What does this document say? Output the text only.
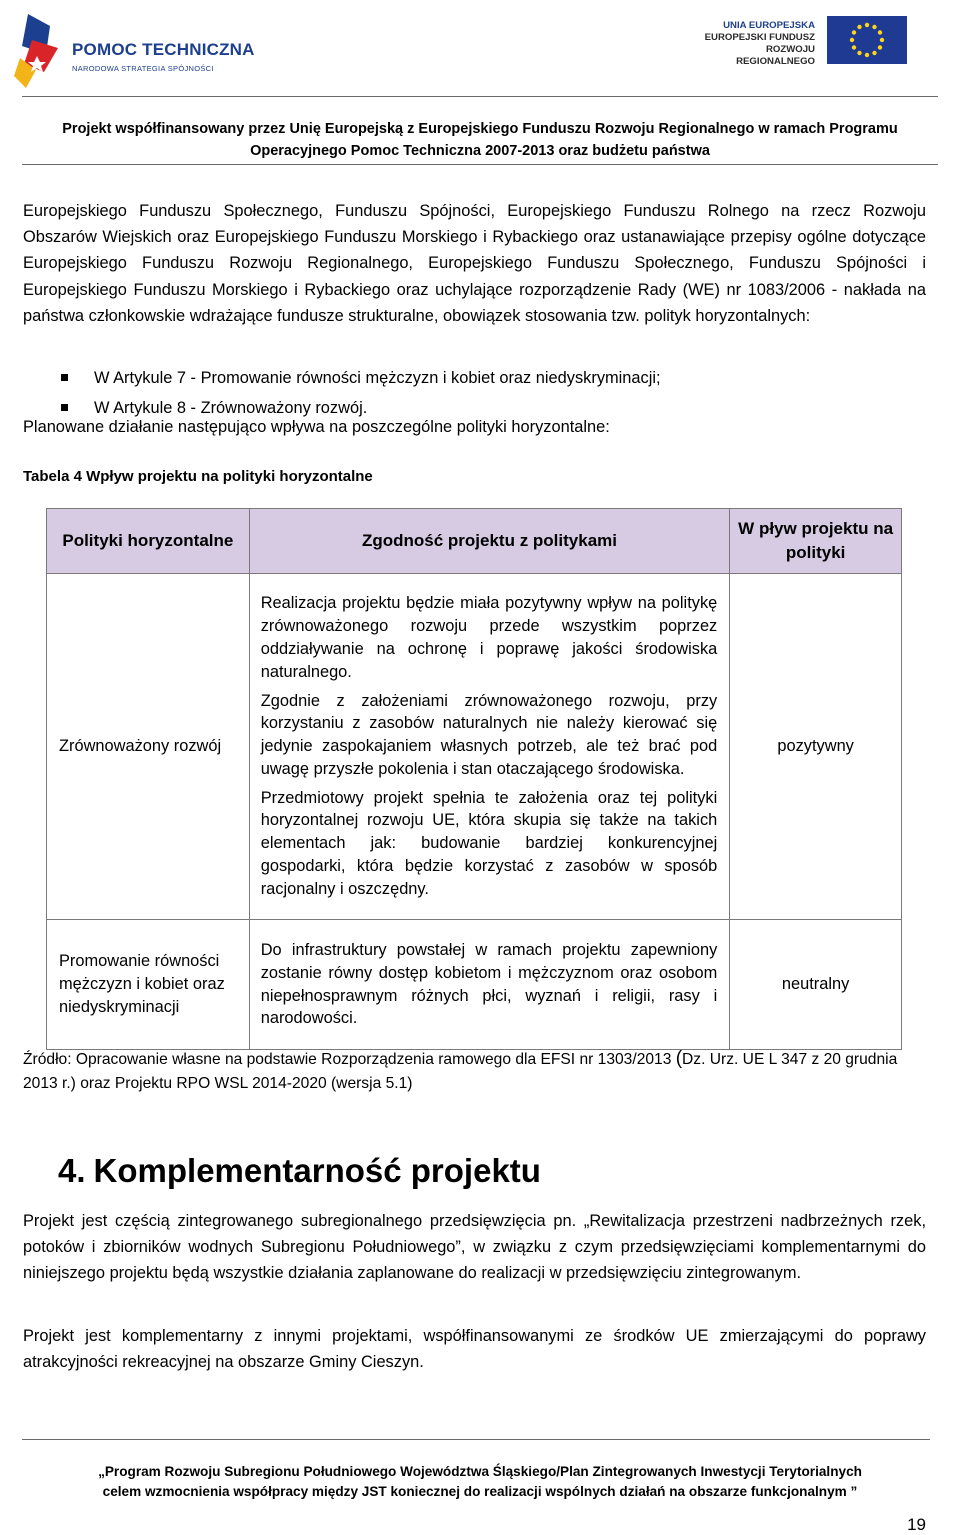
POMOC TECHNICZNA
NARODOWA STRATEGIA SPÓJNOŚCI
UNIA EUROPEJSKA
EUROPEJSKI FUNDUSZ
ROZWOJU REGIONALNEGO
Projekt współfinansowany przez Unię Europejską z Europejskiego Funduszu Rozwoju Regionalnego w ramach Programu
Operacyjnego Pomoc Techniczna 2007-2013 oraz budżetu państwa
Europejskiego Funduszu Społecznego, Funduszu Spójności, Europejskiego Funduszu Rolnego na rzecz Rozwoju Obszarów Wiejskich oraz Europejskiego Funduszu Morskiego i Rybackiego oraz ustanawiające przepisy ogólne dotyczące Europejskiego Funduszu Rozwoju Regionalnego, Europejskiego Funduszu Społecznego, Funduszu Spójności i Europejskiego Funduszu Morskiego i Rybackiego oraz uchylające rozporządzenie Rady (WE) nr 1083/2006 - nakłada na państwa członkowskie wdrażające fundusze strukturalne, obowiązek stosowania tzw. polityk horyzontalnych:
W Artykule 7 - Promowanie równości mężczyzn i kobiet oraz niedyskryminacji;
W Artykule 8 - Zrównoważony rozwój.
Planowane działanie następująco wpływa na poszczególne polityki horyzontalne:
Tabela 4 Wpływ projektu na polityki horyzontalne
Polityki horyzontalne	Zgodność projektu z politykami	W pływ projektu na polityki
Zrównoważony rozwój	Realizacja projektu będzie miała pozytywny wpływ na politykę zrównoważonego rozwoju przede wszystkim poprzez oddziaływanie na ochronę i poprawę jakości środowiska naturalnego.

Zgodnie z założeniami zrównoważonego rozwoju, przy korzystaniu z zasobów naturalnych nie należy kierować się jedynie zaspokajaniem własnych potrzeb, ale też brać pod uwagę przyszłe pokolenia i stan otaczającego środowiska.

Przedmiotowy projekt spełnia te założenia oraz tej polityki horyzontalnej rozwoju UE, która skupia się także na takich elementach jak: budowanie bardziej konkurencyjnej gospodarki, która będzie korzystać z zasobów w sposób racjonalny i oszczędny.	pozytywny
Promowanie równości mężczyzn i kobiet oraz niedyskryminacji	Do infrastruktury powstałej w ramach projektu zapewniony zostanie równy dostęp kobietom i mężczyznom oraz osobom niepełnosprawnym różnych płci, wyznań i religii, rasy i narodowości.	neutralny
Źródło: Opracowanie własne na podstawie Rozporządzenia ramowego dla EFSI nr 1303/2013 (Dz. Urz. UE L 347 z 20 grudnia 2013 r.) oraz Projektu RPO WSL 2014-2020 (wersja 5.1)
4. Komplementarność projektu
Projekt jest częścią zintegrowanego subregionalnego przedsięwzięcia pn. „Rewitalizacja przestrzeni nadbrzeżnych rzek, potoków i zbiorników wodnych Subregionu Południowego”, w związku z czym przedsięwzięciami komplementarnymi do niniejszego projektu będą wszystkie działania zaplanowane do realizacji w przedsięwzięciu zintegrowanym.
Projekt jest komplementarny z innymi projektami, współfinansowanymi ze środków UE zmierzającymi do poprawy atrakcyjności rekreacyjnej na obszarze Gminy Cieszyn.
„Program Rozwoju Subregionu Południowego Województwa Śląskiego/Plan Zintegrowanych Inwestycji Terytorialnych
celem wzmocnienia współpracy między JST koniecznej do realizacji wspólnych działań na obszarze funkcjonalnym ”
19
